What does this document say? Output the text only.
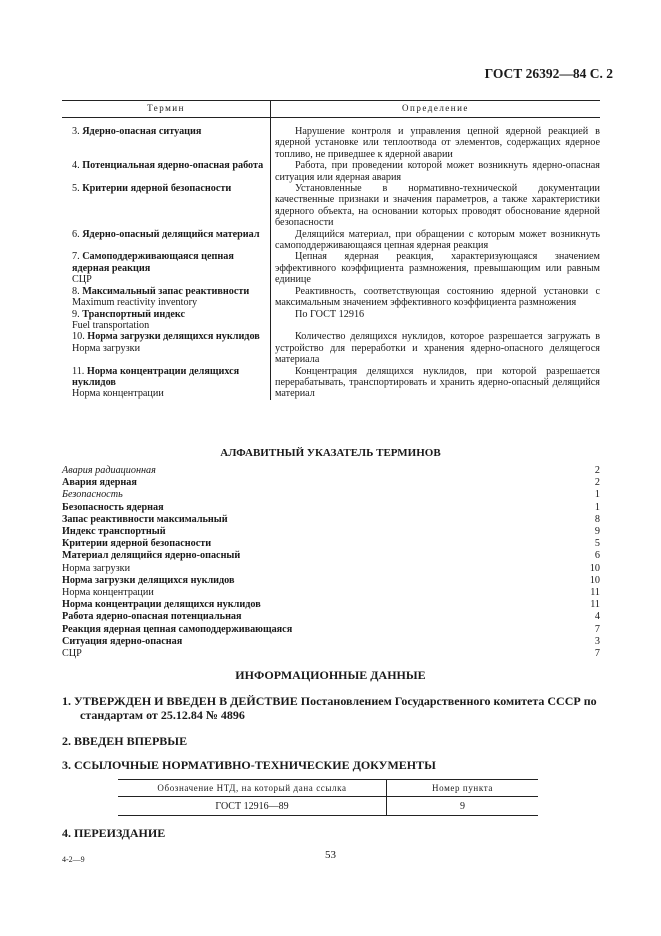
ГОСТ 26392—84 С. 2
Термин	Определение

3. Ядерно-опасная ситуация	Нарушение контроля и управления цепной ядерной реакцией в ядерной установке или теплоотвода от элементов, содержащих ядерное топливо, не приведшее к ядерной аварии

4. Потенциальная ядерно-опасная работа	Работа, при проведении которой может возникнуть ядерно-опасная ситуация или ядерная авария

5. Критерии ядерной безопасности	Установленные в нормативно-технической документации качественные признаки и значения параметров, а также характеристики ядерного объекта, на основании которых проводят обоснование ядерной безопасности

6. Ядерно-опасный делящийся материал	Делящийся материал, при обращении с которым может возникнуть самоподдерживающаяся цепная ядерная реакция

7. Самоподдерживающаяся цепная ядерная реакция
СЦР	Цепная ядерная реакция, характеризующаяся значением эффективного коэффициента размножения, превышающим или равным единице

8. Максимальный запас реактивности
Maximum reactivity inventory	Реактивность, соответствующая состоянию ядерной установки с максимальным значением эффективного коэффициента размножения

9. Транспортный индекс
Fuel transportation	По ГОСТ 12916

10. Норма загрузки делящихся нуклидов
Норма загрузки	Количество делящихся нуклидов, которое разрешается загружать в устройство для переработки и хранения ядерно-опасного делящегося материала

11. Норма концентрации делящихся нуклидов
Норма концентрации	Концентрация делящихся нуклидов, при которой разрешается перерабатывать, транспортировать и хранить ядерно-опасный делящийся материал
АЛФАВИТНЫЙ УКАЗАТЕЛЬ ТЕРМИНОВ
Авария радиационная	2
Авария ядерная	2
Безопасность	1
Безопасность ядерная	1
Запас реактивности максимальный	8
Индекс транспортный	9
Критерии ядерной безопасности	5
Материал делящийся ядерно-опасный	6
Норма загрузки	10
Норма загрузки делящихся нуклидов	10
Норма концентрации	11
Норма концентрации делящихся нуклидов	11
Работа ядерно-опасная потенциальная	4
Реакция ядерная цепная самоподдерживающаяся	7
Ситуация ядерно-опасная	3
СЦР	7
ИНФОРМАЦИОННЫЕ ДАННЫЕ
1. УТВЕРЖДЕН И ВВЕДЕН В ДЕЙСТВИЕ Постановлением Государственного комитета СССР по
стандартам от 25.12.84 № 4896
2. ВВЕДЕН ВПЕРВЫЕ
3. ССЫЛОЧНЫЕ НОРМАТИВНО-ТЕХНИЧЕСКИЕ ДОКУМЕНТЫ
Обозначение НТД, на который дана ссылка	Номер пункта
ГОСТ 12916—89	9
4. ПЕРЕИЗДАНИЕ
4-2—9	53
